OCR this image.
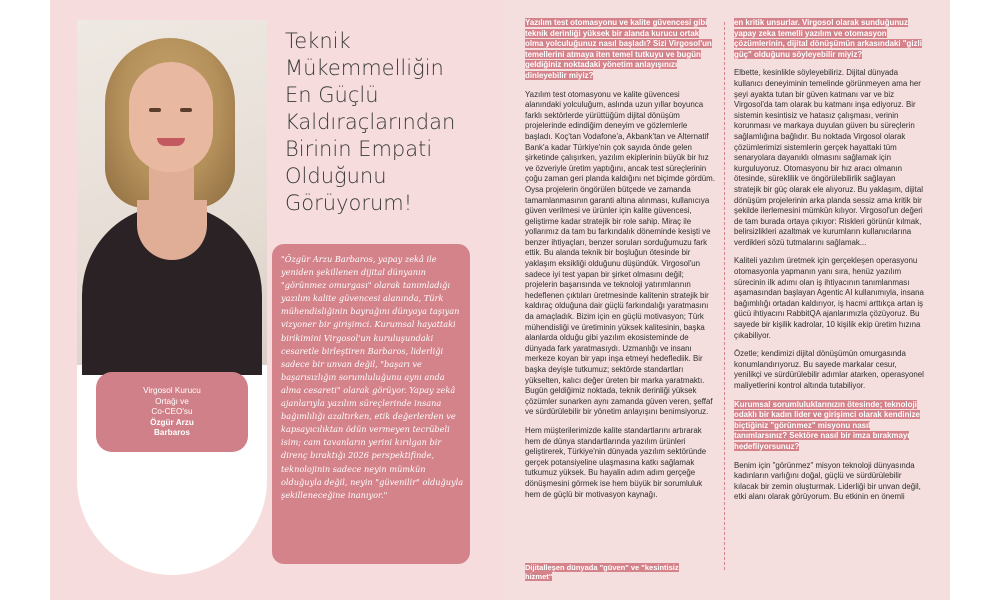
Virgosol Kurucu
Ortağı ve
Co-CEO'su
Özgür Arzu
Barbaros
Teknik
Mükemmelliğin
En Güçlü
Kaldıraçlarından
Birinin Empati
Olduğunu
Görüyorum!
"Özgür Arzu Barbaros, yapay zekâ ile yeniden şekillenen dijital dünyanın "görünmez omurgası" olarak tanımladığı yazılım kalite güvencesi alanında, Türk mühendisliğinin bayrağını dünyaya taşıyan vizyoner bir girişimci. Kurumsal hayattaki birikimini Virgosol'un kuruluşundaki cesaretle birleştiren Barbaros, liderliği sadece bir unvan değil, "başarı ve başarısızlığın sorumluluğunu aynı anda alma cesareti" olarak görüyor. Yapay zekâ ajanlarıyla yazılım süreçlerinde insana bağımlılığı azaltırken, etik değerlerden ve kapsayıcılıktan ödün vermeyen tecrübeli isim; cam tavanların yerini kırılgan bir direnç bıraktığı 2026 perspektifinde, teknolojinin sadece neyin mümkün olduğuyla değil, neyin "güvenilir" olduğuyla şekilleneceğine inanıyor."

Yazılım test otomasyonu ve kalite güvencesi gibi teknik derinliği yüksek bir alanda kurucu ortak olma yolculuğunuz nasıl başladı? Sizi Virgosol'un temellerini atmaya iten temel tutkuyu ve bugün geldiğiniz noktadaki yönetim anlayışınızı dinleyebilir miyiz?

Yazılım test otomasyonu ve kalite güvencesi alanındaki yolculuğum, aslında uzun yıllar boyunca farklı sektörlerde yürüttüğüm dijital dönüşüm projelerinde edindiğim deneyim ve gözlemlerle başladı. Koç'tan Vodafone'a, Akbank'tan ve Alternatif Bank'a kadar Türkiye'nin çok sayıda önde gelen şirketinde çalışırken, yazılım ekiplerinin büyük bir hız ve özveriyle üretim yaptığını, ancak test süreçlerinin çoğu zaman geri planda kaldığını net biçimde gördüm. Oysa projelerin öngörülen bütçede ve zamanda tamamlanmasının garanti altına alınması, kullanıcıya güven verilmesi ve ürünler için kalite güvencesi, geliştirme kadar stratejik bir role sahip. Miraç ile yollarımız da tam bu farkındalık döneminde kesişti ve benzer ihtiyaçları, benzer soruları sorduğumuzu fark ettik. Bu alanda teknik bir boşluğun ötesinde bir yaklaşım eksikliği olduğunu düşündük. Virgosol'un sadece iyi test yapan bir şirket olmasını değil; projelerin başarısında ve teknoloji yatırımlarının hedeflenen çıktıları üretmesinde kalitenin stratejik bir kaldıraç olduğuna dair güçlü farkındalığı yaratmasını da amaçladık. Bizim için en güçlü motivasyon; Türk mühendisliği ve üretiminin yüksek kalitesinin, başka alanlarda olduğu gibi yazılım ekosisteminde de dünyada fark yaratmasıydı. Uzmanlığı ve insanı merkeze koyan bir yapı inşa etmeyi hedeflediik. Bir başka deyişle tutkumuz; sektörde standartları yükselten, kalıcı değer üreten bir marka yaratmaktı. Bugün geldiğimiz noktada, teknik derinliği yüksek çözümler sunarken aynı zamanda güven veren, şeffaf ve sürdürülebilir bir yönetim anlayışını benimsiyoruz.

Hem müşterilerimizde kalite standartlarını artırarak hem de dünya standartlarında yazılım ürünleri geliştirerek, Türkiye'nin dünyada yazılım sektöründe gerçek potansiyeline ulaşmasına katkı sağlamak tutkumuz yüksek. Bu hayalin adım adım gerçeğe dönüşmesini görmek ise hem büyük bir sorumluluk hem de güçlü bir motivasyon kaynağı.

Dijitalleşen dünyada "güven" ve "kesintisiz hizmet"

en kritik unsurlar. Virgosol olarak sunduğunuz yapay zeka temelli yazılım ve otomasyon çözümlerinin, dijital dönüşümün arkasındaki "gizli güç" olduğunu söyleyebilir miyiz?

Elbette, kesinlikle söyleyebiliriz. Dijital dünyada kullanıcı deneyiminin temelinde görünmeyen ama her şeyi ayakta tutan bir güven katmanı var ve biz Virgosol'da tam olarak bu katmanı inşa ediyoruz. Bir sistemin kesintisiz ve hatasız çalışması, verinin korunması ve markaya duyulan güven bu süreçlerin sağlamlığına bağlıdır. Bu noktada Virgosol olarak çözümlerimizi sistemlerin gerçek hayattaki tüm senaryolara dayanıklı olmasını sağlamak için kurguluyoruz. Otomasyonu bir hız aracı olmanın ötesinde, süreklilik ve öngörülebilirlik sağlayan stratejik bir güç olarak ele alıyoruz. Bu yaklaşım, dijital dönüşüm projelerinin arka planda sessiz ama kritik bir şekilde ilerlemesini mümkün kılıyor. Virgosol'un değeri de tam burada ortaya çıkıyor: Riskleri görünür kılmak, belirsizlikleri azaltmak ve kurumların kullanıcılarına verdikleri sözü tutmalarını sağlamak...

Kaliteli yazılım üretmek için gerçekleşen operasyonu otomasyonla yapmanın yanı sıra, henüz yazılım sürecinin ilk adımı olan iş ihtiyacının tanımlanması aşamasından başlayan Agentic AI kullanımıyla, insana bağımlılığı ortadan kaldırıyor, iş hacmi arttıkça artan iş gücü ihtiyacını RabbitQA ajanlarımızla çözüyoruz. Bu sayede bir kişilik kadrolar, 10 kişilik ekip üretim hızına çıkabiliyor.

Özetle; kendimizi dijital dönüşümün omurgasında konumlandırıyoruz. Bu sayede markalar cesur, yenilikçi ve sürdürülebilir adımlar atarken, operasyonel maliyetlerini kontrol altında tutabiliyor.

Kurumsal sorumluluklarınızın ötesinde; teknoloji odaklı bir kadın lider ve girişimci olarak kendinize biçtiğiniz "görünmez" misyonu nasıl tanımlarsınız? Sektöre nasıl bir imza bırakmayı hedefliyorsunuz?

Benim için "görünmez" misyon teknoloji dünyasında kadınların varlığını doğal, güçlü ve sürdürülebilir kılacak bir zemin oluşturmak. Liderliği bir unvan değil, etki alanı olarak görüyorum. Bu etkinin en önemli
